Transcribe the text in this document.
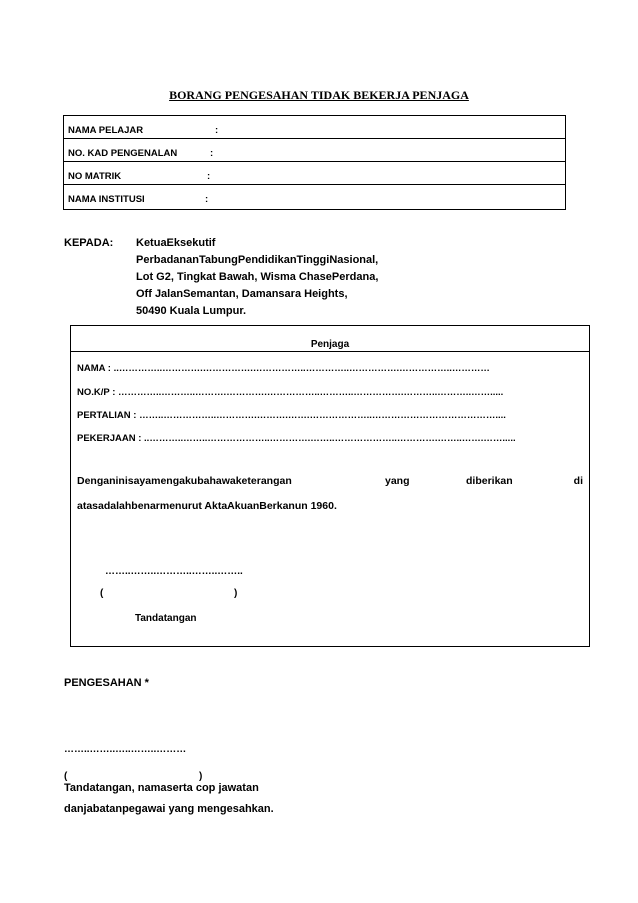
BORANG PENGESAHAN TIDAK BEKERJA PENJAGA
NAMA PELAJAR	:
NO. KAD PENGENALAN	:
NO MATRIK	:
NAMA INSTITUSI	:
KEPADA: KetuaEksekutif
PerbadananTabungPendidikanTinggiNasional,
Lot G2, Tingkat Bawah, Wisma ChasePerdana,
Off JalanSemantan, Damansara Heights,
50490 Kuala Lumpur.
Penjaga
NAMA : ..…………..………….…………….……………..…………..…………….……………..…………
NO.K/P : …………..………..……….………….……………..………..…………….………..………..…….....
PERTALIAN : ……..……………..………….……….…….………………..…………………………………....
PEKERJAAN : ..………..……..………………..………….……..………………..………….……..…….…….....
Denganinisayamengakubahawaketerangan	yang	diberikan	di
atasadalahbenarmenurut AktaAkuanBerkanun 1960.
……..……..………..……..……..
(	)
Tandatangan
PENGESAHAN *
……..……..…..……..………
(	)
Tandatangan, namaserta cop jawatan
danjabatanpegawai yang mengesahkan.
